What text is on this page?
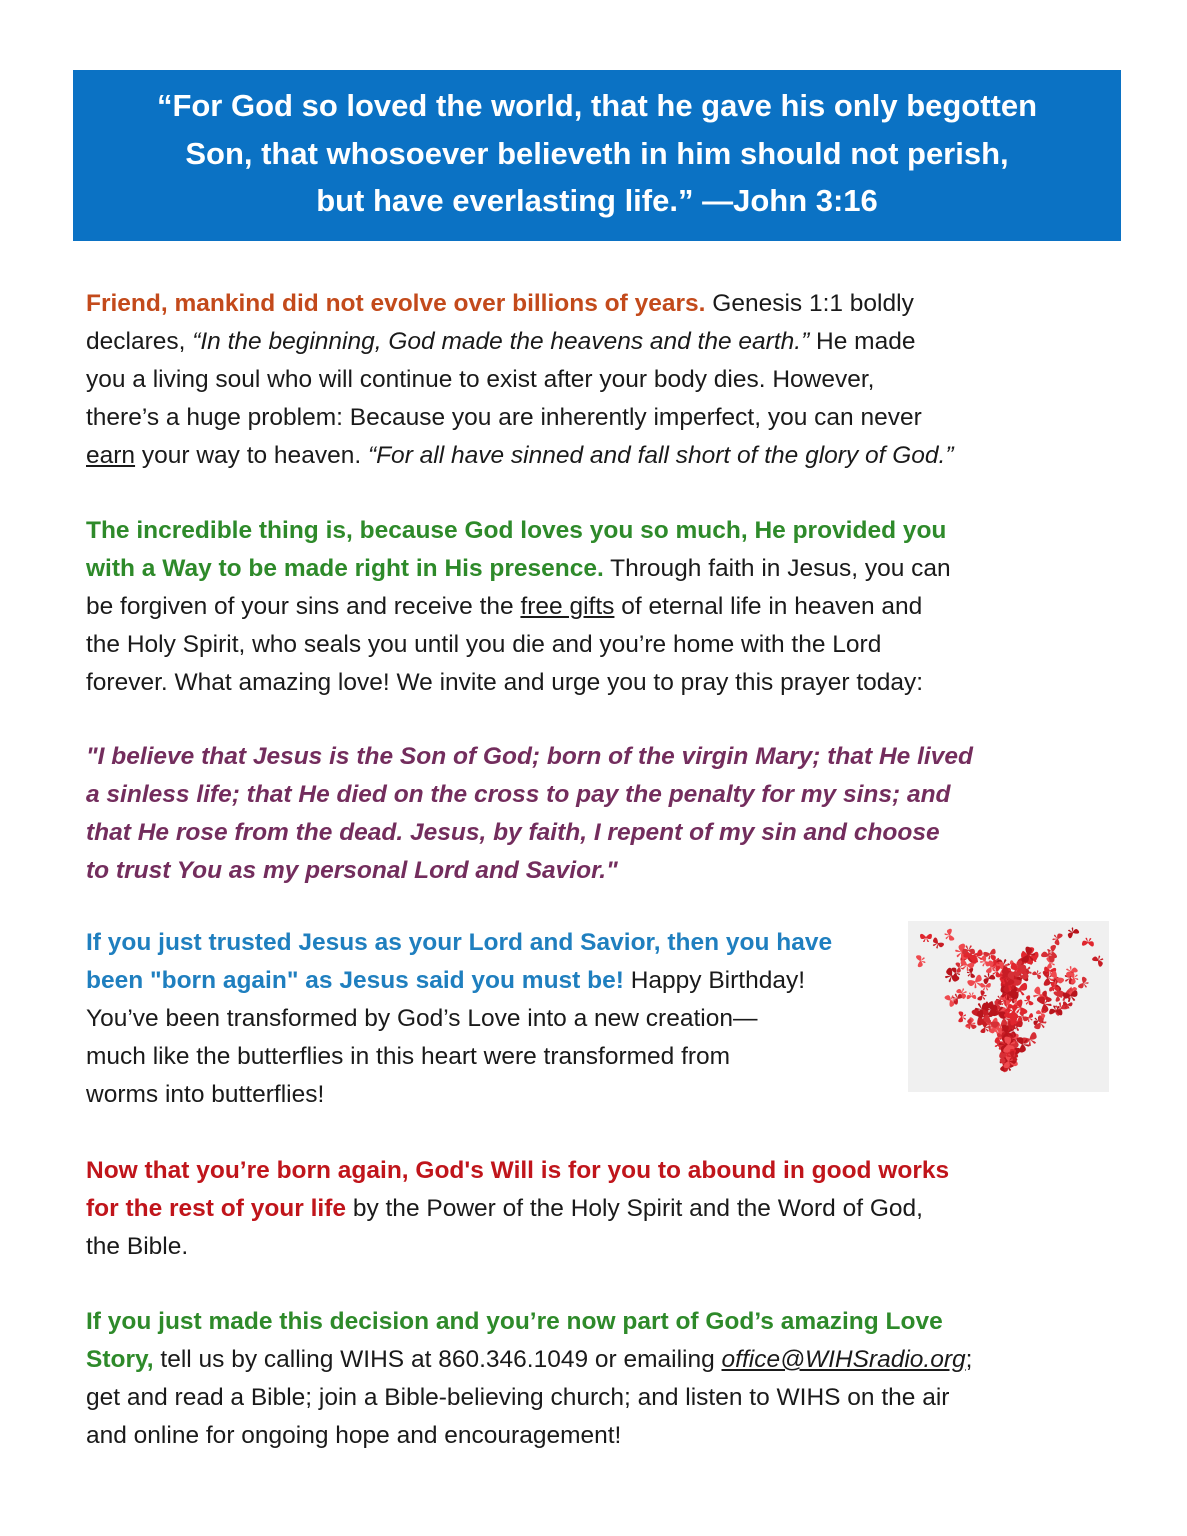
“For God so loved the world, that he gave his only begotten
Son, that whosoever believeth in him should not perish,
but have everlasting life.” —John 3:16
Friend, mankind did not evolve over billions of years. Genesis 1:1 boldly
declares, “In the beginning, God made the heavens and the earth.” He made
you a living soul who will continue to exist after your body dies. However,
there’s a huge problem: Because you are inherently imperfect, you can never
earn your way to heaven. “For all have sinned and fall short of the glory of God.”
The incredible thing is, because God loves you so much, He provided you
with a Way to be made right in His presence. Through faith in Jesus, you can
be forgiven of your sins and receive the free gifts of eternal life in heaven and
the Holy Spirit, who seals you until you die and you’re home with the Lord
forever. What amazing love! We invite and urge you to pray this prayer today:
"I believe that Jesus is the Son of God; born of the virgin Mary; that He lived
a sinless life; that He died on the cross to pay the penalty for my sins; and
that He rose from the dead. Jesus, by faith, I repent of my sin and choose
to trust You as my personal Lord and Savior."
If you just trusted Jesus as your Lord and Savior, then you have
been "born again" as Jesus said you must be! Happy Birthday!
You’ve been transformed by God’s Love into a new creation—
much like the butterflies in this heart were transformed from
worms into butterflies!
Now that you’re born again, God's Will is for you to abound in good works
for the rest of your life by the Power of the Holy Spirit and the Word of God,
the Bible.
If you just made this decision and you’re now part of God’s amazing Love
Story, tell us by calling WIHS at 860.346.1049 or emailing office@WIHSradio.org;
get and read a Bible; join a Bible-believing church; and listen to WIHS on the air
and online for ongoing hope and encouragement!
